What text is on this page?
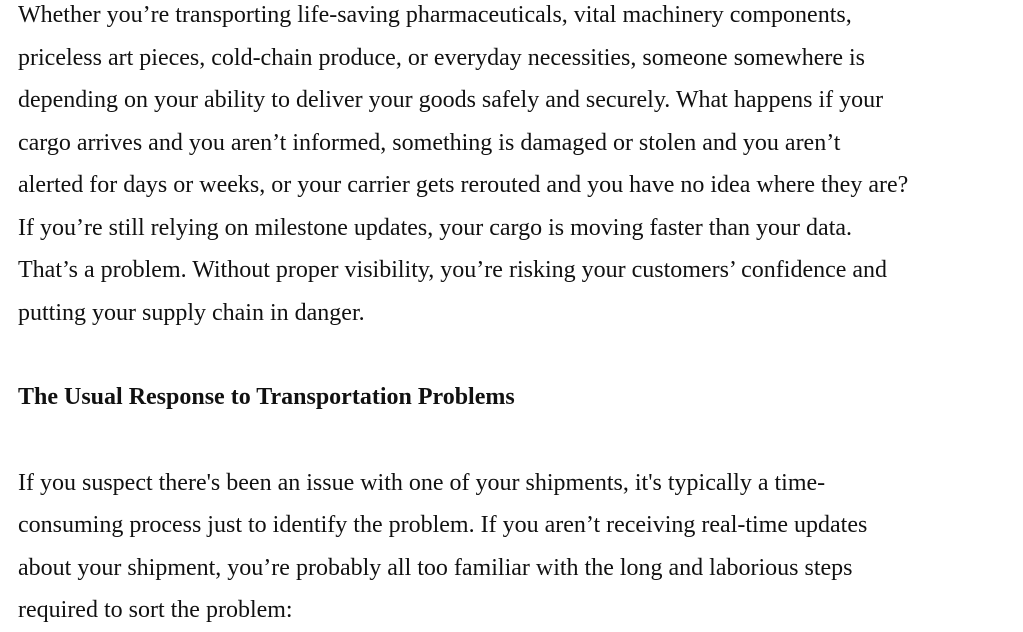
Whether you’re transporting life-saving pharmaceuticals, vital machinery components,
priceless art pieces, cold-chain produce, or everyday necessities, someone somewhere is
depending on your ability to deliver your goods safely and securely. What happens if your
cargo arrives and you aren’t informed, something is damaged or stolen and you aren’t
alerted for days or weeks, or your carrier gets rerouted and you have no idea where they are?
If you’re still relying on milestone updates, your cargo is moving faster than your data.
That’s a problem. Without proper visibility, you’re risking your customers’ confidence and
putting your supply chain in danger.

The Usual Response to Transportation Problems

If you suspect there's been an issue with one of your shipments, it's typically a time-
consuming process just to identify the problem. If you aren’t receiving real-time updates
about your shipment, you’re probably all too familiar with the long and laborious steps
required to sort the problem:
